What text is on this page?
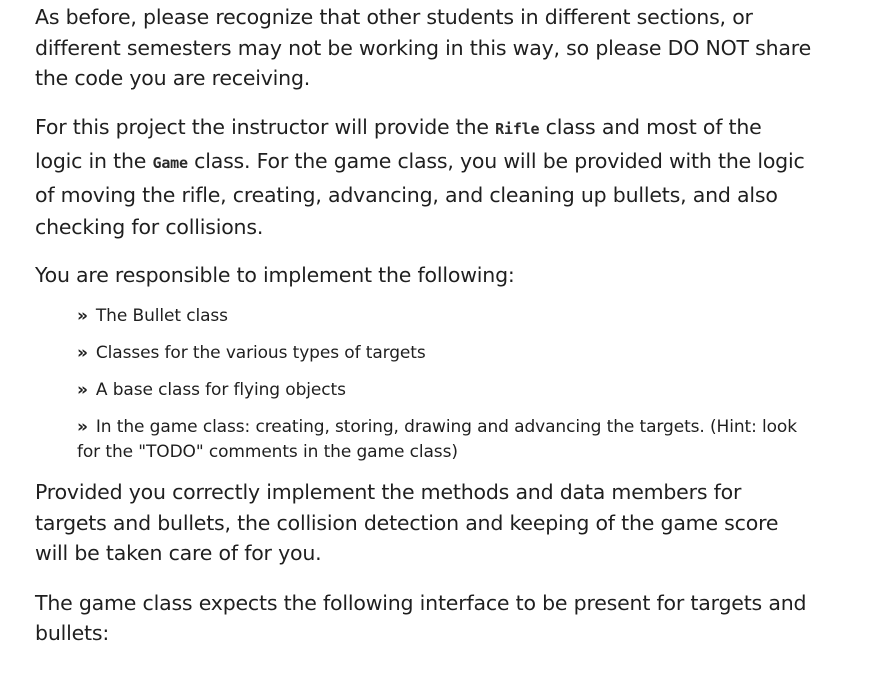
As before, please recognize that other students in different sections, or different semesters may not be working in this way, so please DO NOT share the code you are receiving.

For this project the instructor will provide the Rifle class and most of the logic in the Game class. For the game class, you will be provided with the logic of moving the rifle, creating, advancing, and cleaning up bullets, and also checking for collisions.

You are responsible to implement the following:

» The Bullet class
» Classes for the various types of targets
» A base class for flying objects
» In the game class: creating, storing, drawing and advancing the targets. (Hint: look for the "TODO" comments in the game class)

Provided you correctly implement the methods and data members for targets and bullets, the collision detection and keeping of the game score will be taken care of for you.

The game class expects the following interface to be present for targets and bullets:
